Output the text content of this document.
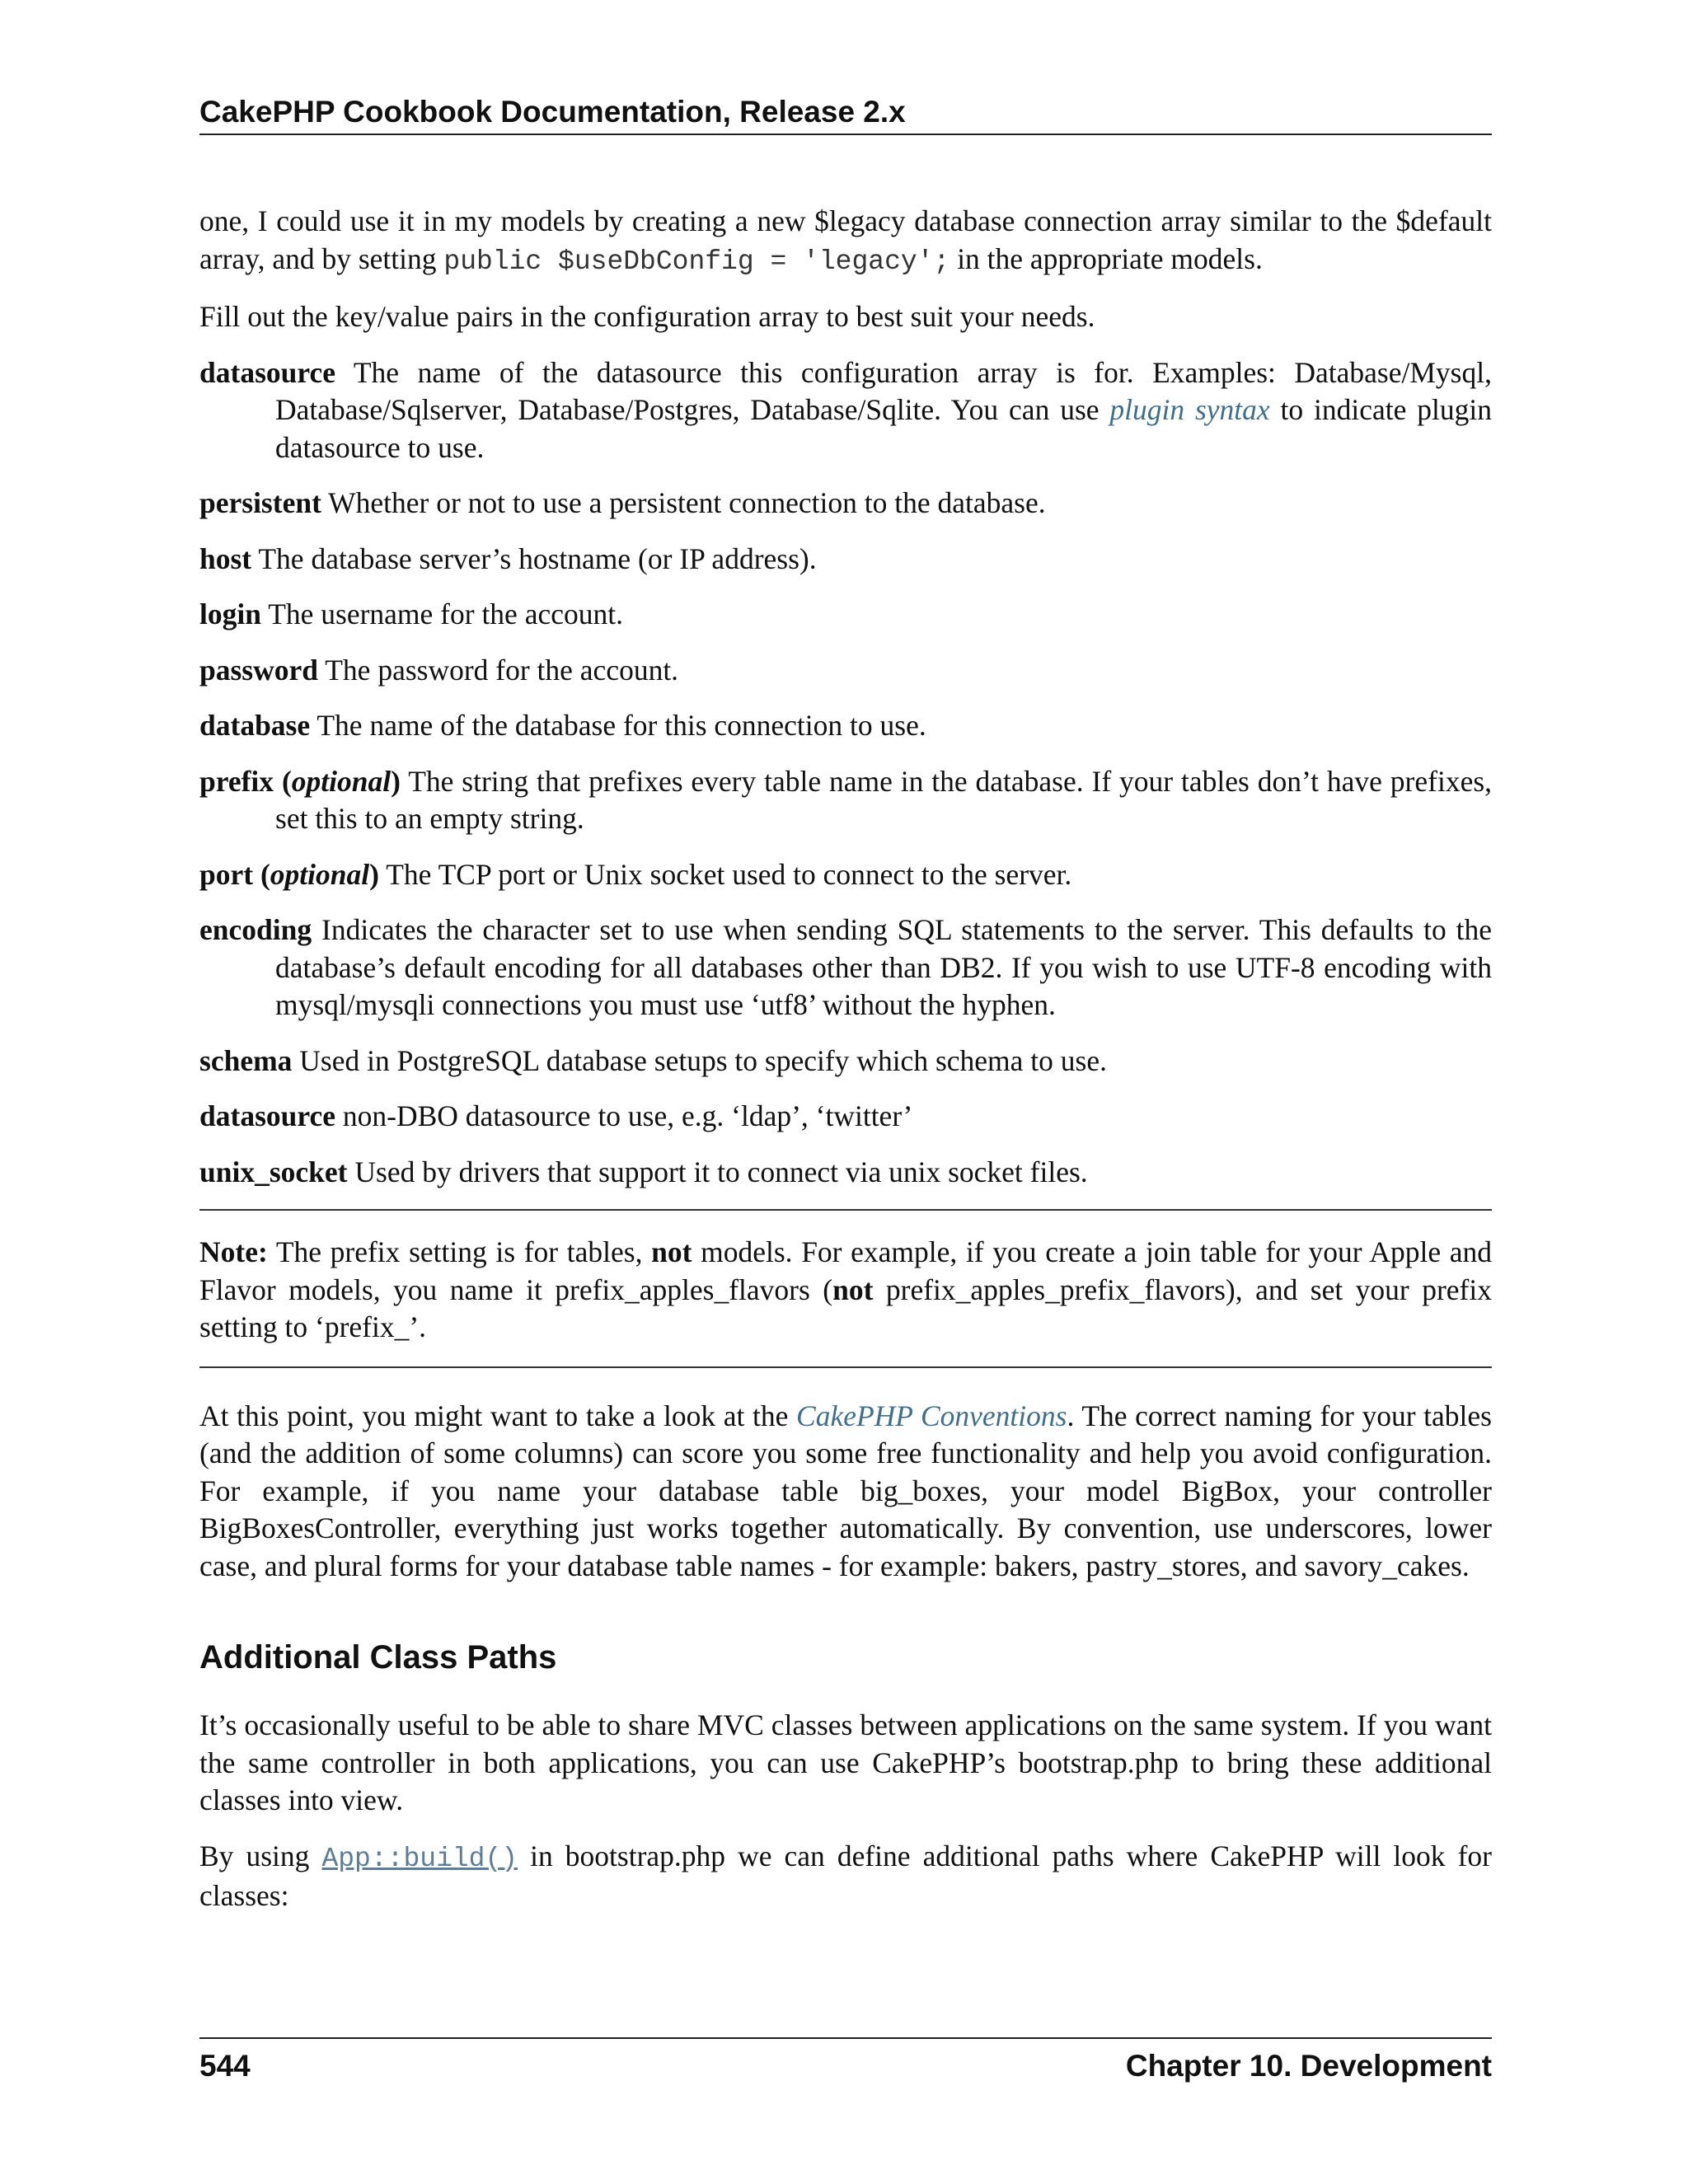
CakePHP Cookbook Documentation, Release 2.x

one, I could use it in my models by creating a new $legacy database connection array similar to the $default array, and by setting public $useDbConfig = 'legacy'; in the appropriate models.

Fill out the key/value pairs in the configuration array to best suit your needs.

datasource The name of the datasource this configuration array is for. Examples: Database/Mysql, Database/Sqlserver, Database/Postgres, Database/Sqlite. You can use plugin syntax to indicate plugin datasource to use.

persistent Whether or not to use a persistent connection to the database.

host The database server’s hostname (or IP address).

login The username for the account.

password The password for the account.

database The name of the database for this connection to use.

prefix (optional) The string that prefixes every table name in the database. If your tables don’t have prefixes, set this to an empty string.

port (optional) The TCP port or Unix socket used to connect to the server.

encoding Indicates the character set to use when sending SQL statements to the server. This defaults to the database’s default encoding for all databases other than DB2. If you wish to use UTF-8 encoding with mysql/mysqli connections you must use ‘utf8’ without the hyphen.

schema Used in PostgreSQL database setups to specify which schema to use.

datasource non-DBO datasource to use, e.g. ‘ldap’, ‘twitter’

unix_socket Used by drivers that support it to connect via unix socket files.

Note: The prefix setting is for tables, not models. For example, if you create a join table for your Apple and Flavor models, you name it prefix_apples_flavors (not prefix_apples_prefix_flavors), and set your prefix setting to ‘prefix_’.

At this point, you might want to take a look at the CakePHP Conventions. The correct naming for your tables (and the addition of some columns) can score you some free functionality and help you avoid configuration. For example, if you name your database table big_boxes, your model BigBox, your controller BigBoxesController, everything just works together automatically. By convention, use underscores, lower case, and plural forms for your database table names - for example: bakers, pastry_stores, and savory_cakes.

Additional Class Paths

It’s occasionally useful to be able to share MVC classes between applications on the same system. If you want the same controller in both applications, you can use CakePHP’s bootstrap.php to bring these additional classes into view.

By using App::build() in bootstrap.php we can define additional paths where CakePHP will look for classes:

544	Chapter 10. Development
